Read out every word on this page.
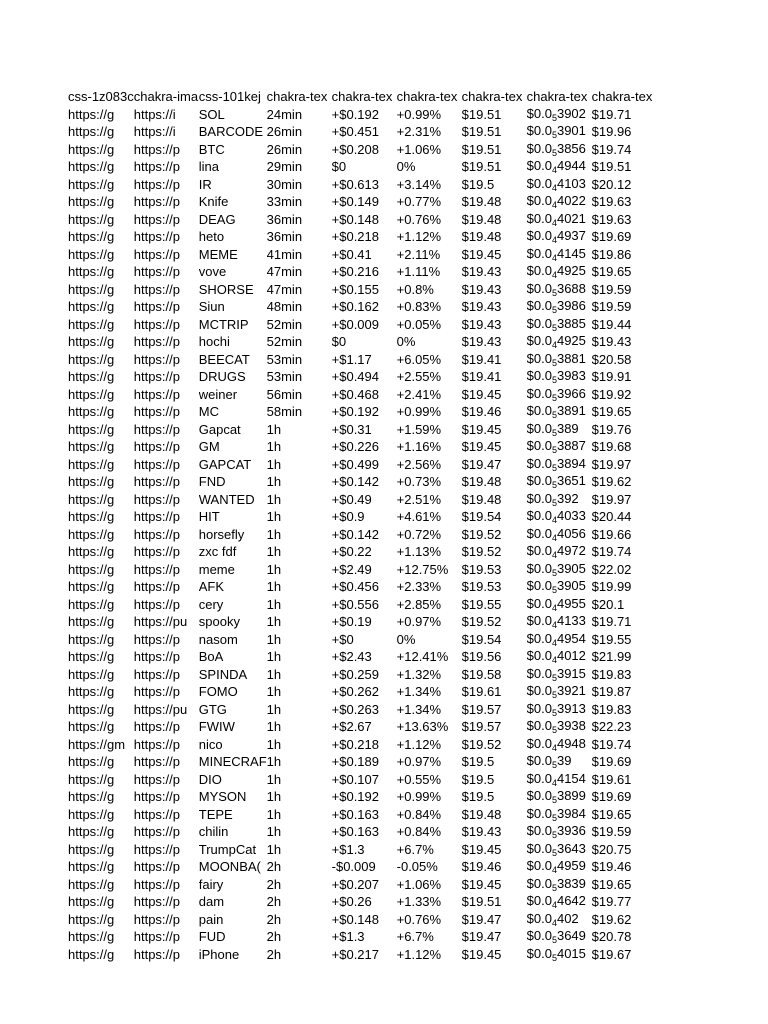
css-1z083c	chakra-ima	css-101kej	chakra-tex	chakra-tex	chakra-tex	chakra-tex	chakra-tex	chakra-tex
https://g	https://i	SOL	24min	+$0.192	+0.99%	$19.51	$\$0.0_53902$	$19.71
https://g	https://i	BARCODE	26min	+$0.451	+2.31%	$19.51	$\$0.0_53901$	$19.96
https://g	https://p	BTC	26min	+$0.208	+1.06%	$19.51	$\$0.0_53856$	$19.74
https://g	https://p	lina	29min	$0	0%	$19.51	$\$0.0_44944$	$19.51
https://g	https://p	IR	30min	+$0.613	+3.14%	$19.5	$\$0.0_44103$	$20.12
https://g	https://p	Knife	33min	+$0.149	+0.77%	$19.48	$\$0.0_44022$	$19.63
https://g	https://p	DEAG	36min	+$0.148	+0.76%	$19.48	$\$0.0_44021$	$19.63
https://g	https://p	heto	36min	+$0.218	+1.12%	$19.48	$\$0.0_44937$	$19.69
https://g	https://p	MEME	41min	+$0.41	+2.11%	$19.45	$\$0.0_44145$	$19.86
https://g	https://p	vove	47min	+$0.216	+1.11%	$19.43	$\$0.0_44925$	$19.65
https://g	https://p	SHORSE	47min	+$0.155	+0.8%	$19.43	$\$0.0_53688$	$19.59
https://g	https://p	Siun	48min	+$0.162	+0.83%	$19.43	$\$0.0_53986$	$19.59
https://g	https://p	MCTRIP	52min	+$0.009	+0.05%	$19.43	$\$0.0_53885$	$19.44
https://g	https://p	hochi	52min	$0	0%	$19.43	$\$0.0_44925$	$19.43
https://g	https://p	BEECAT	53min	+$1.17	+6.05%	$19.41	$\$0.0_53881$	$20.58
https://g	https://p	DRUGS	53min	+$0.494	+2.55%	$19.41	$\$0.0_53983$	$19.91
https://g	https://p	weiner	56min	+$0.468	+2.41%	$19.45	$\$0.0_53966$	$19.92
https://g	https://p	MC	58min	+$0.192	+0.99%	$19.46	$\$0.0_53891$	$19.65
https://g	https://p	Gapcat	1h	+$0.31	+1.59%	$19.45	$\$0.0_5389$	$19.76
https://g	https://p	GM	1h	+$0.226	+1.16%	$19.45	$\$0.0_53887$	$19.68
https://g	https://p	GAPCAT	1h	+$0.499	+2.56%	$19.47	$\$0.0_53894$	$19.97
https://g	https://p	FND	1h	+$0.142	+0.73%	$19.48	$\$0.0_53651$	$19.62
https://g	https://p	WANTED	1h	+$0.49	+2.51%	$19.48	$\$0.0_5392$	$19.97
https://g	https://p	HIT	1h	+$0.9	+4.61%	$19.54	$\$0.0_44033$	$20.44
https://g	https://p	horsefly	1h	+$0.142	+0.72%	$19.52	$\$0.0_44056$	$19.66
https://g	https://p	zxc fdf	1h	+$0.22	+1.13%	$19.52	$\$0.0_44972$	$19.74
https://g	https://p	meme	1h	+$2.49	+12.75%	$19.53	$\$0.0_53905$	$22.02
https://g	https://p	AFK	1h	+$0.456	+2.33%	$19.53	$\$0.0_53905$	$19.99
https://g	https://p	cery	1h	+$0.556	+2.85%	$19.55	$\$0.0_44955$	$20.1
https://g	https://pu	spooky	1h	+$0.19	+0.97%	$19.52	$\$0.0_44133$	$19.71
https://g	https://p	nasom	1h	+$0	0%	$19.54	$\$0.0_44954$	$19.55
https://g	https://p	BoA	1h	+$2.43	+12.41%	$19.56	$\$0.0_44012$	$21.99
https://g	https://p	SPINDA	1h	+$0.259	+1.32%	$19.58	$\$0.0_53915$	$19.83
https://g	https://p	FOMO	1h	+$0.262	+1.34%	$19.61	$\$0.0_53921$	$19.87
https://g	https://pu	GTG	1h	+$0.263	+1.34%	$19.57	$\$0.0_53913$	$19.83
https://g	https://p	FWIW	1h	+$2.67	+13.63%	$19.57	$\$0.0_53938$	$22.23
https://gm	https://p	nico	1h	+$0.218	+1.12%	$19.52	$\$0.0_44948$	$19.74
https://g	https://p	MINECRAF	1h	+$0.189	+0.97%	$19.5	$\$0.0_539$	$19.69
https://g	https://p	DIO	1h	+$0.107	+0.55%	$19.5	$\$0.0_44154$	$19.61
https://g	https://p	MYSON	1h	+$0.192	+0.99%	$19.5	$\$0.0_53899$	$19.69
https://g	https://p	TEPE	1h	+$0.163	+0.84%	$19.48	$\$0.0_53984$	$19.65
https://g	https://p	chilin	1h	+$0.163	+0.84%	$19.43	$\$0.0_53936$	$19.59
https://g	https://p	TrumpCat	1h	+$1.3	+6.7%	$19.45	$\$0.0_53643$	$20.75
https://g	https://p	MOONBA(	2h	-$0.009	-0.05%	$19.46	$\$0.0_44959$	$19.46
https://g	https://p	fairy	2h	+$0.207	+1.06%	$19.45	$\$0.0_53839$	$19.65
https://g	https://p	dam	2h	+$0.26	+1.33%	$19.51	$\$0.0_44642$	$19.77
https://g	https://p	pain	2h	+$0.148	+0.76%	$19.47	$\$0.0_4402$	$19.62
https://g	https://p	FUD	2h	+$1.3	+6.7%	$19.47	$\$0.0_53649$	$20.78
https://g	https://p	iPhone	2h	+$0.217	+1.12%	$19.45	$\$0.0_54015$	$19.67
